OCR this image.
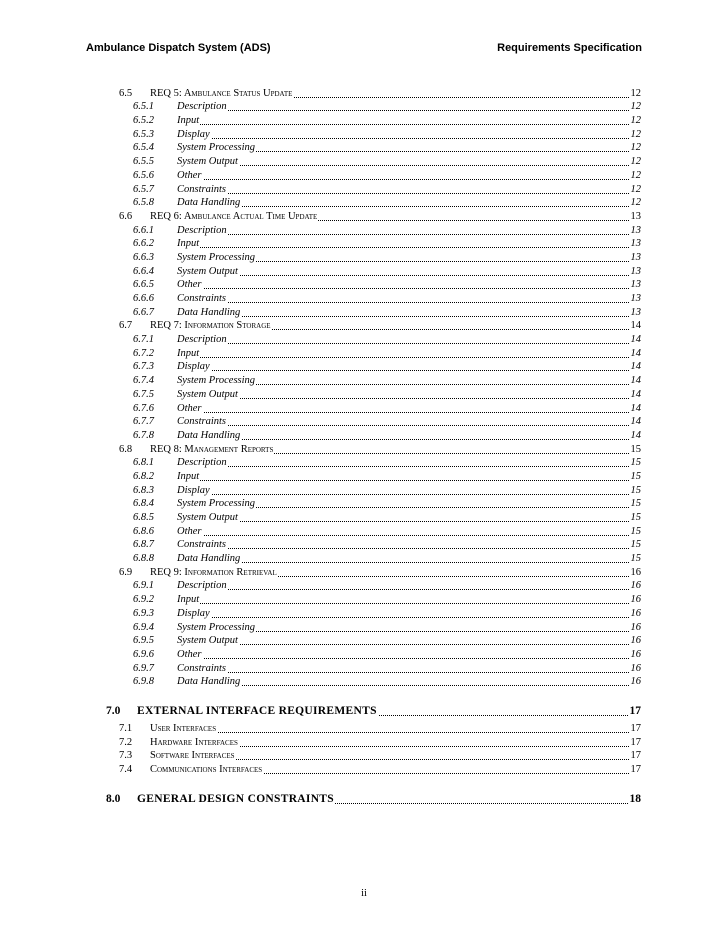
Ambulance Dispatch System (ADS)	Requirements Specification
6.5 REQ 5: Ambulance Status Update	12
6.5.1 Description	12
6.5.2 Input	12
6.5.3 Display	12
6.5.4 System Processing	12
6.5.5 System Output	12
6.5.6 Other	12
6.5.7 Constraints	12
6.5.8 Data Handling	12
6.6 REQ 6: Ambulance Actual Time Update	13
6.6.1 Description	13
6.6.2 Input	13
6.6.3 System Processing	13
6.6.4 System Output	13
6.6.5 Other	13
6.6.6 Constraints	13
6.6.7 Data Handling	13
6.7 REQ 7: Information Storage	14
6.7.1 Description	14
6.7.2 Input	14
6.7.3 Display	14
6.7.4 System Processing	14
6.7.5 System Output	14
6.7.6 Other	14
6.7.7 Constraints	14
6.7.8 Data Handling	14
6.8 REQ 8: Management Reports	15
6.8.1 Description	15
6.8.2 Input	15
6.8.3 Display	15
6.8.4 System Processing	15
6.8.5 System Output	15
6.8.6 Other	15
6.8.7 Constraints	15
6.8.8 Data Handling	15
6.9 REQ 9: Information Retrieval	16
6.9.1 Description	16
6.9.2 Input	16
6.9.3 Display	16
6.9.4 System Processing	16
6.9.5 System Output	16
6.9.6 Other	16
6.9.7 Constraints	16
6.9.8 Data Handling	16
7.0 EXTERNAL INTERFACE REQUIREMENTS	17
7.1 User Interfaces	17
7.2 Hardware Interfaces	17
7.3 Software Interfaces	17
7.4 Communications Interfaces	17
8.0 GENERAL DESIGN CONSTRAINTS	18
ii
